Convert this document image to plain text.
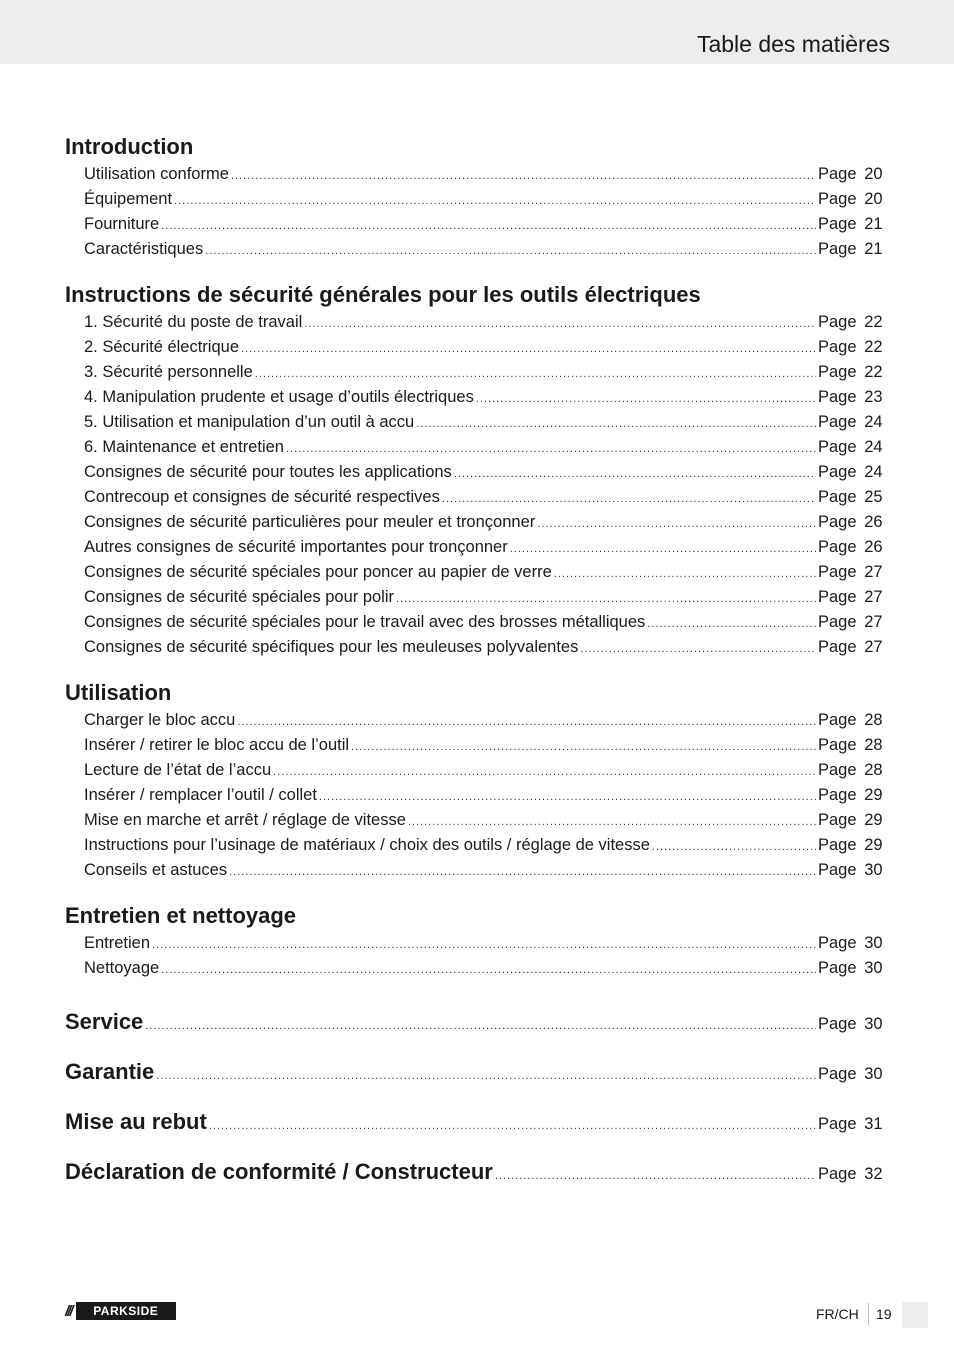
Table des matières
Introduction
Utilisation conforme .....	Page 20
Équipement .....	Page 20
Fourniture .....	Page 21
Caractéristiques .....	Page 21
Instructions de sécurité générales pour les outils électriques
1. Sécurité du poste de travail .....	Page 22
2. Sécurité électrique .....	Page 22
3. Sécurité personnelle .....	Page 22
4. Manipulation prudente et usage d’outils électriques .....	Page 23
5. Utilisation et manipulation d’un outil à accu .....	Page 24
6. Maintenance et entretien .....	Page 24
Consignes de sécurité pour toutes les applications .....	Page 24
Contrecoup et consignes de sécurité respectives .....	Page 25
Consignes de sécurité particulières pour meuler et tronçonner .....	Page 26
Autres consignes de sécurité importantes pour tronçonner .....	Page 26
Consignes de sécurité spéciales pour poncer au papier de verre .....	Page 27
Consignes de sécurité spéciales pour polir .....	Page 27
Consignes de sécurité spéciales pour le travail avec des brosses métalliques .....	Page 27
Consignes de sécurité spécifiques pour les meuleuses polyvalentes .....	Page 27
Utilisation
Charger le bloc accu .....	Page 28
Insérer / retirer le bloc accu de l’outil .....	Page 28
Lecture de l’état de l’accu .....	Page 28
Insérer / remplacer l’outil / collet .....	Page 29
Mise en marche et arrêt / réglage de vitesse .....	Page 29
Instructions pour l’usinage de matériaux / choix des outils / réglage de vitesse .....	Page 29
Conseils et astuces .....	Page 30
Entretien et nettoyage
Entretien .....	Page 30
Nettoyage .....	Page 30
Service .....	Page 30
Garantie .....	Page 30
Mise au rebut .....	Page 31
Déclaration de conformité / Constructeur .....	Page 32
///	PARKSIDE	FR/CH 19
